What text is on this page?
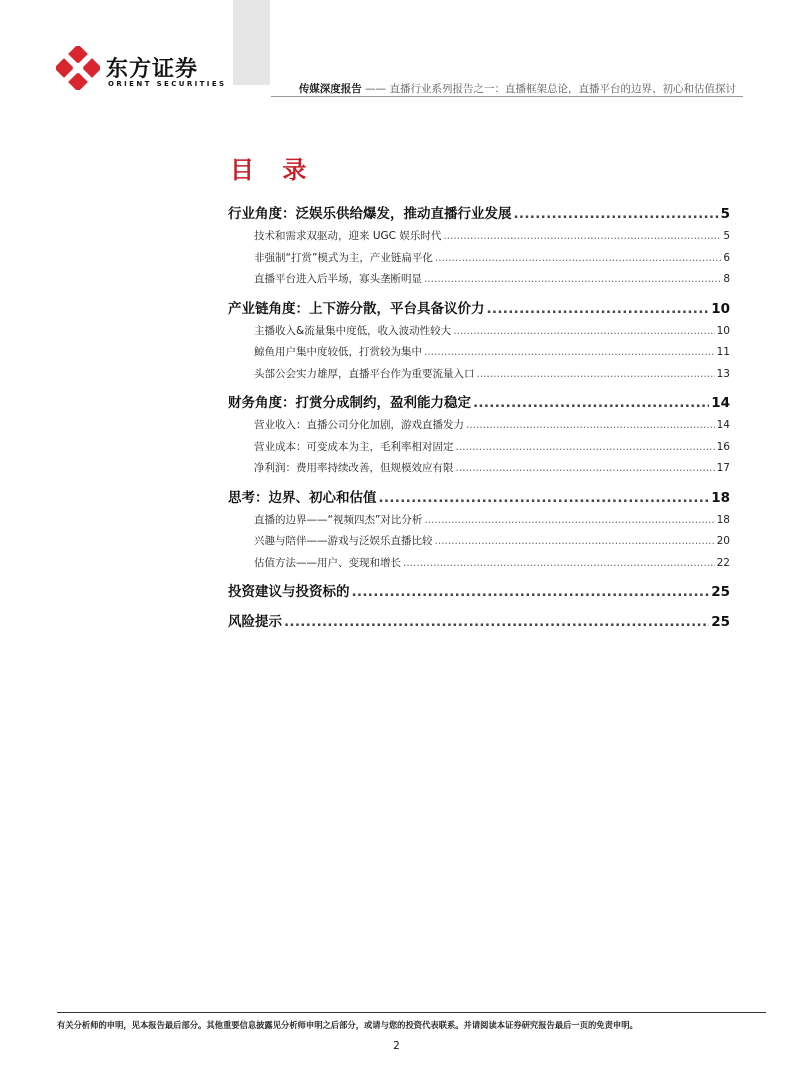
东方证券
ORIENT SECURITIES	传媒深度报告 —— 直播行业系列报告之一：直播框架总论，直播平台的边界、初心和估值探讨
目 录
行业角度：泛娱乐供给爆发，推动直播行业发展 .....	5
技术和需求双驱动，迎来 UGC 娱乐时代 .....	5
非强制“打赏”模式为主，产业链扁平化 .....	6
直播平台进入后半场，寡头垄断明显 .....	8
产业链角度：上下游分散，平台具备议价力 .....	10
主播收入&流量集中度低，收入波动性较大 .....	10
鲸鱼用户集中度较低，打赏较为集中 .....	11
头部公会实力雄厚，直播平台作为重要流量入口 .....	13
财务角度：打赏分成制约，盈利能力稳定 .....	14
营业收入：直播公司分化加剧，游戏直播发力 .....	14
营业成本：可变成本为主，毛利率相对固定 .....	16
净利润：费用率持续改善，但规模效应有限 .....	17
思考：边界、初心和估值 .....	18
直播的边界——“视频四杰”对比分析 .....	18
兴趣与陪伴——游戏与泛娱乐直播比较 .....	20
估值方法——用户、变现和增长 .....	22
投资建议与投资标的 .....	25
风险提示 .....	25
有关分析师的申明，见本报告最后部分。其他重要信息披露见分析师申明之后部分，或请与您的投资代表联系。并请阅读本证券研究报告最后一页的免责申明。
2
